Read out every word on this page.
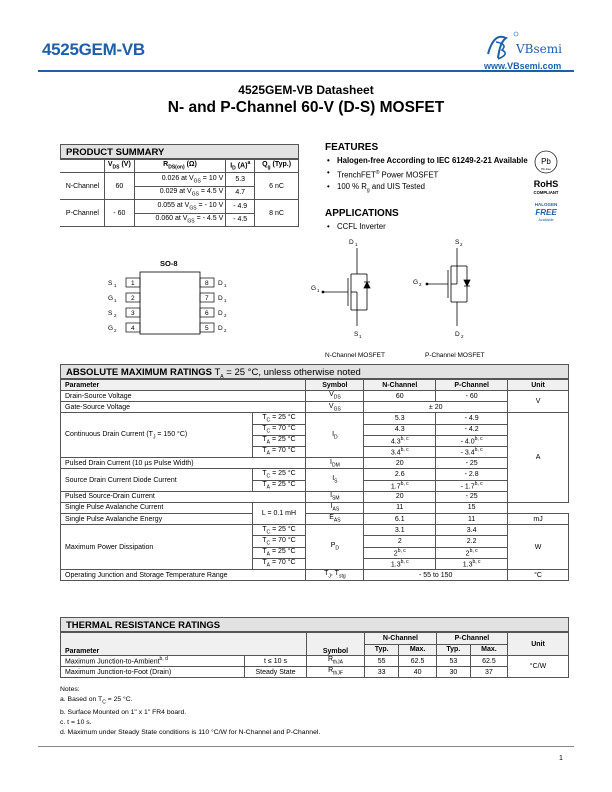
4525GEM-VB	VBsemi
www.VBsemi.com
4525GEM-VB Datasheet
N- and P-Channel 60-V (D-S) MOSFET
PRODUCT SUMMARY
	$V_{DS}$ (V)	$R_{DS(on)}$ (Ω)	$I_D$ $(A)^a$	$Q_g$ (Typ.)
N-Channel	60	0.026 at $V_{GS} = 10$ V	5.3	6 nC
		0.029 at $V_{GS} = 4.5$ V	4.7	
P-Channel	- 60	0.055 at $V_{GS}$ = - 10 V	- 4.9	8 nC
		0.060 at $V_{GS}$ = - 4.5 V	- 4.5	
FEATURES
• Halogen-free According to IEC 61249-2-21 Available
• TrenchFET® Power MOSFET
• 100 % $R_g$ and UIS Tested
APPLICATIONS
• CCFL Inverter
Pb
Pb-free
RoHS
COMPLIANT
HALOGEN
FREE
Available
SO-8
1
S 1
2
G 1
3
S 2
4
G 2
8 D 1
7 D 1
6 D 2
5 D 2
D 1
G 1
S 1
S 2
G 2
D 2
N-Channel MOSFET	P-Channel MOSFET
ABSOLUTE MAXIMUM RATINGS $T_A = 25$ °C, unless otherwise noted
Parameter		Symbol	N-Channel	P-Channel	Unit
Drain-Source Voltage		$V_{DS}$	60	- 60	V
Gate-Source Voltage		$V_{GS}$	± 20		
Continuous Drain Current ($T_J = 150$ °C)	$T_C = 25$ °C	$I_D$	5.3	- 4.9	A
	$T_C = 70$ °C		4.3	- 4.2	
	$T_A = 25$ °C		4.3$^{b, c}$	- 4.0$^{b, c}$
	$T_A = 70$ °C		3.4$^{b, c}$	- 3.4$^{b, c}$
Pulsed Drain Current (10 µs Pulse Width)		$I_{DM}$	20	- 25	
Source Drain Current Diode Current	$T_C = 25$ °C	$I_S$	2.6	- 2.8	
	$T_A = 25$ °C		1.7$^{b, c}$	- 1.7$^{b, c}$
Pulsed Source-Drain Current		$I_{SM}$	20	- 25	
Single Pulse Avalanche Current	L = 0.1 mH	$I_{AS}$	11	15	
Single Pulse Avalanche Energy		$E_{AS}$	6.1	11	mJ
Maximum Power Dissipation	$T_C = 25$ °C	$P_D$	3.1	3.4	W
	$T_C = 70$ °C		2	2.2	
	$T_A = 25$ °C		2$^{b, c}$	2$^{b, c}$
	$T_A = 70$ °C		1.3$^{b, c}$	1.3$^{b, c}$
Operating Junction and Storage Temperature Range		$T_J$, $T_{stg}$	- 55 to 150		°C
THERMAL RESISTANCE RATINGS
Parameter		Symbol	N-Channel		P-Channel		Unit
			Typ.	Max.	Typ.	Max.	
Maximum Junction-to-Ambient$^{b, d}$	t ≤ 10 s	$R_{thJA}$	55	62.5	53	62.5	°C/W
Maximum Junction-to-Foot (Drain)	Steady State	$R_{thJF}$	33	40	30	37	
Notes:
a. Based on $T_C = 25$ °C.
b. Surface Mounted on 1" x 1" FR4 board.
c. t = 10 s.
d. Maximum under Steady State conditions is 110 °C/W for N-Channel and P-Channel.
1
